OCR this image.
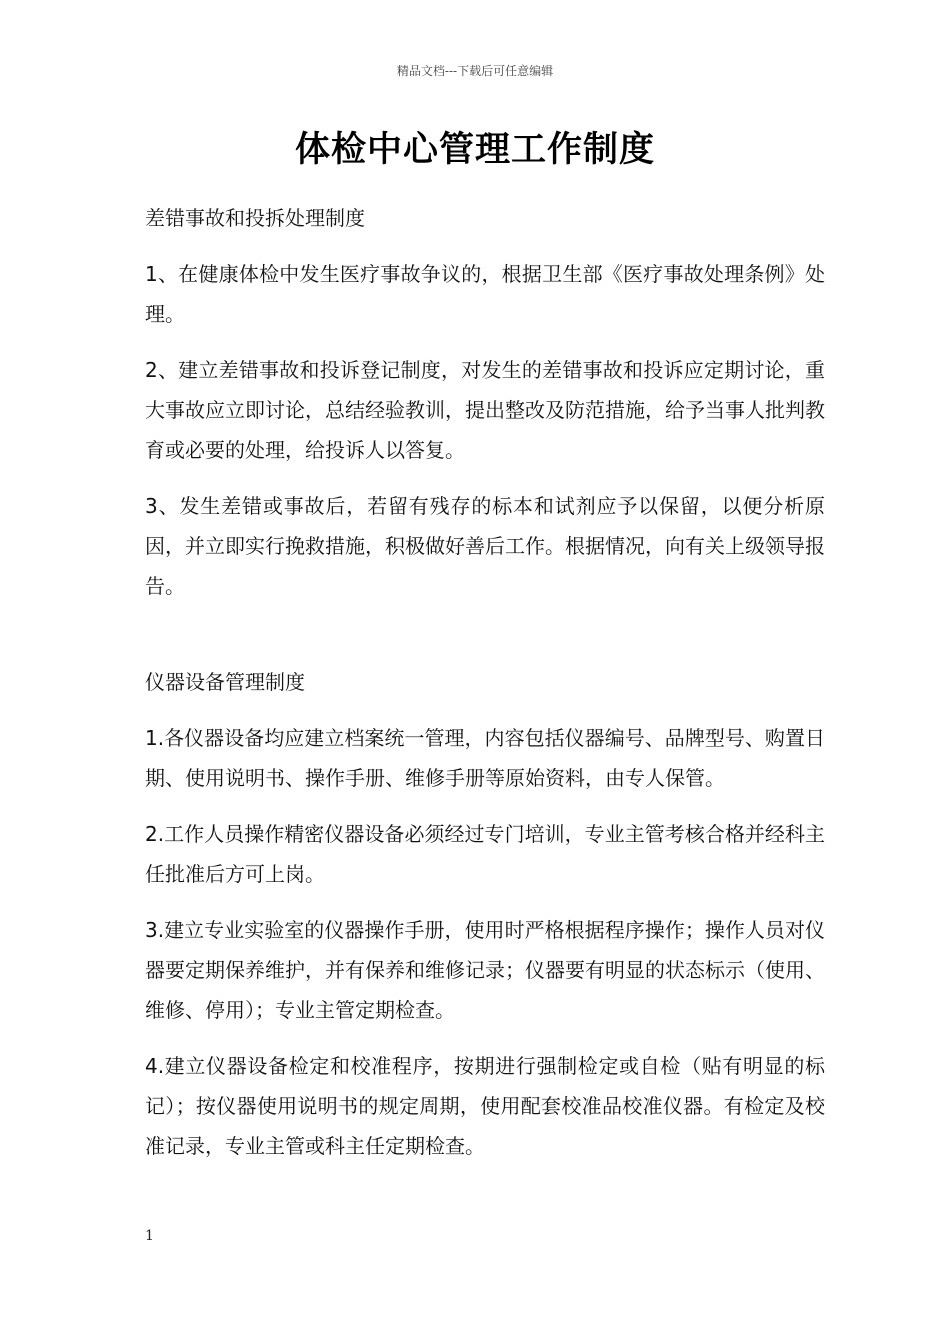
精品文档---下载后可任意编辑
体检中心管理工作制度
差错事故和投拆处理制度

1、在健康体检中发生医疗事故争议的，根据卫生部《医疗事故处理条例》处理。

2、建立差错事故和投诉登记制度，对发生的差错事故和投诉应定期讨论，重大事故应立即讨论，总结经验教训，提出整改及防范措施，给予当事人批判教育或必要的处理，给投诉人以答复。

3、发生差错或事故后，若留有残存的标本和试剂应予以保留，以便分析原因，并立即实行挽救措施，积极做好善后工作。根据情况，向有关上级领导报告。

仪器设备管理制度

1.各仪器设备均应建立档案统一管理，内容包括仪器编号、品牌型号、购置日期、使用说明书、操作手册、维修手册等原始资料，由专人保管。

2.工作人员操作精密仪器设备必须经过专门培训，专业主管考核合格并经科主任批准后方可上岗。

3.建立专业实验室的仪器操作手册，使用时严格根据程序操作；操作人员对仪器要定期保养维护，并有保养和维修记录；仪器要有明显的状态标示（使用、维修、停用）；专业主管定期检查。

4.建立仪器设备检定和校准程序，按期进行强制检定或自检（贴有明显的标记）；按仪器使用说明书的规定周期，使用配套校准品校准仪器。有检定及校准记录，专业主管或科主任定期检查。

1
